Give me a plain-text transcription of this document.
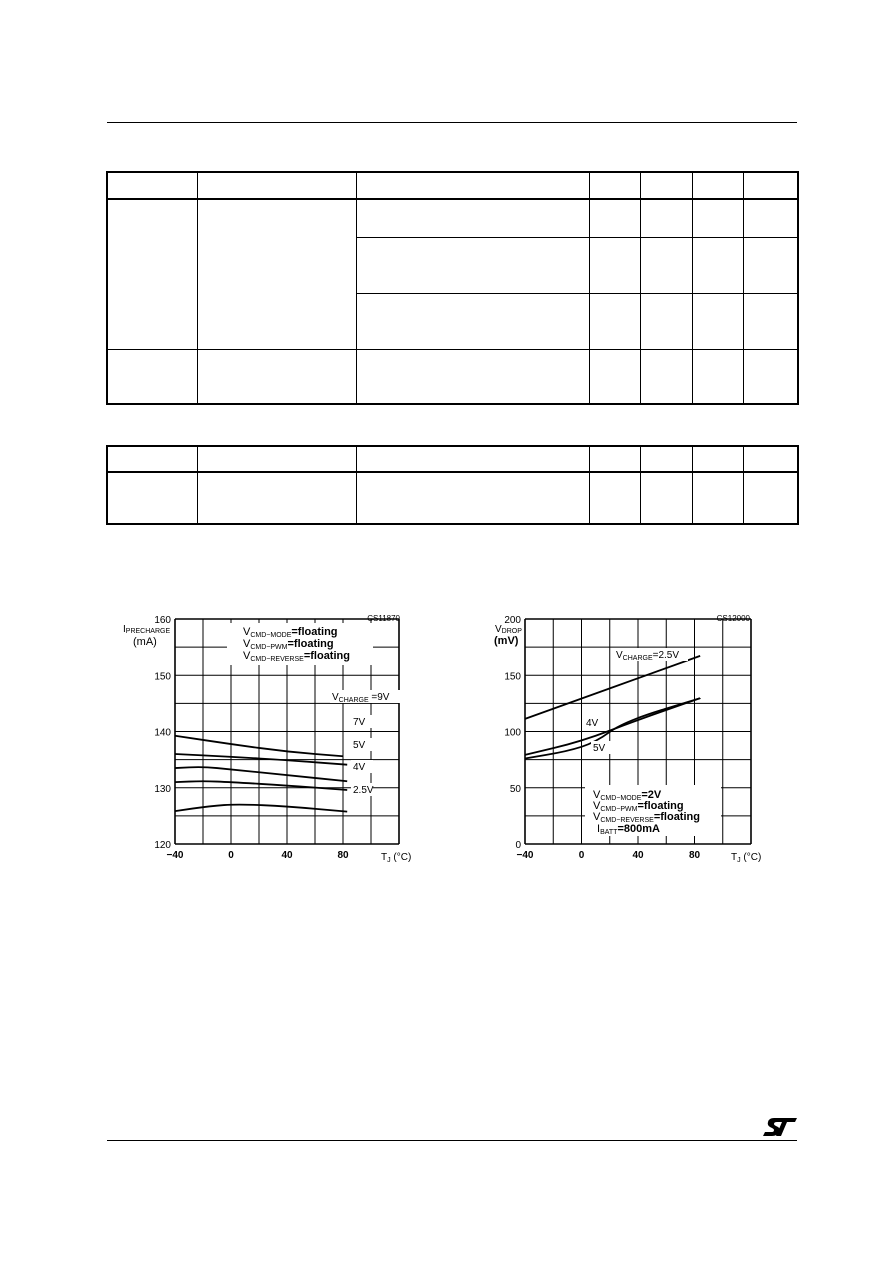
−40	0	40	80
120
130
140
150
160
$V_{CHARGE} =9V$
7V
5V
4V
2.5V
CS11870
IPRECHARGE
(mA)
VCMD−MODE=floating VCMD−PWM=floating VCMD−REVERSE=floating
$T_J$ (°C)	−40	0	40	80
0
50
100
150
200
$V_{CHARGE}=2.5V$
4V
5V
CS12000
VDROP
(mV)
VCMD−MODE=2V VCMD−PWM=floating VCMD−REVERSE=floating IBATT=800mA
$T_J$ (°C)
